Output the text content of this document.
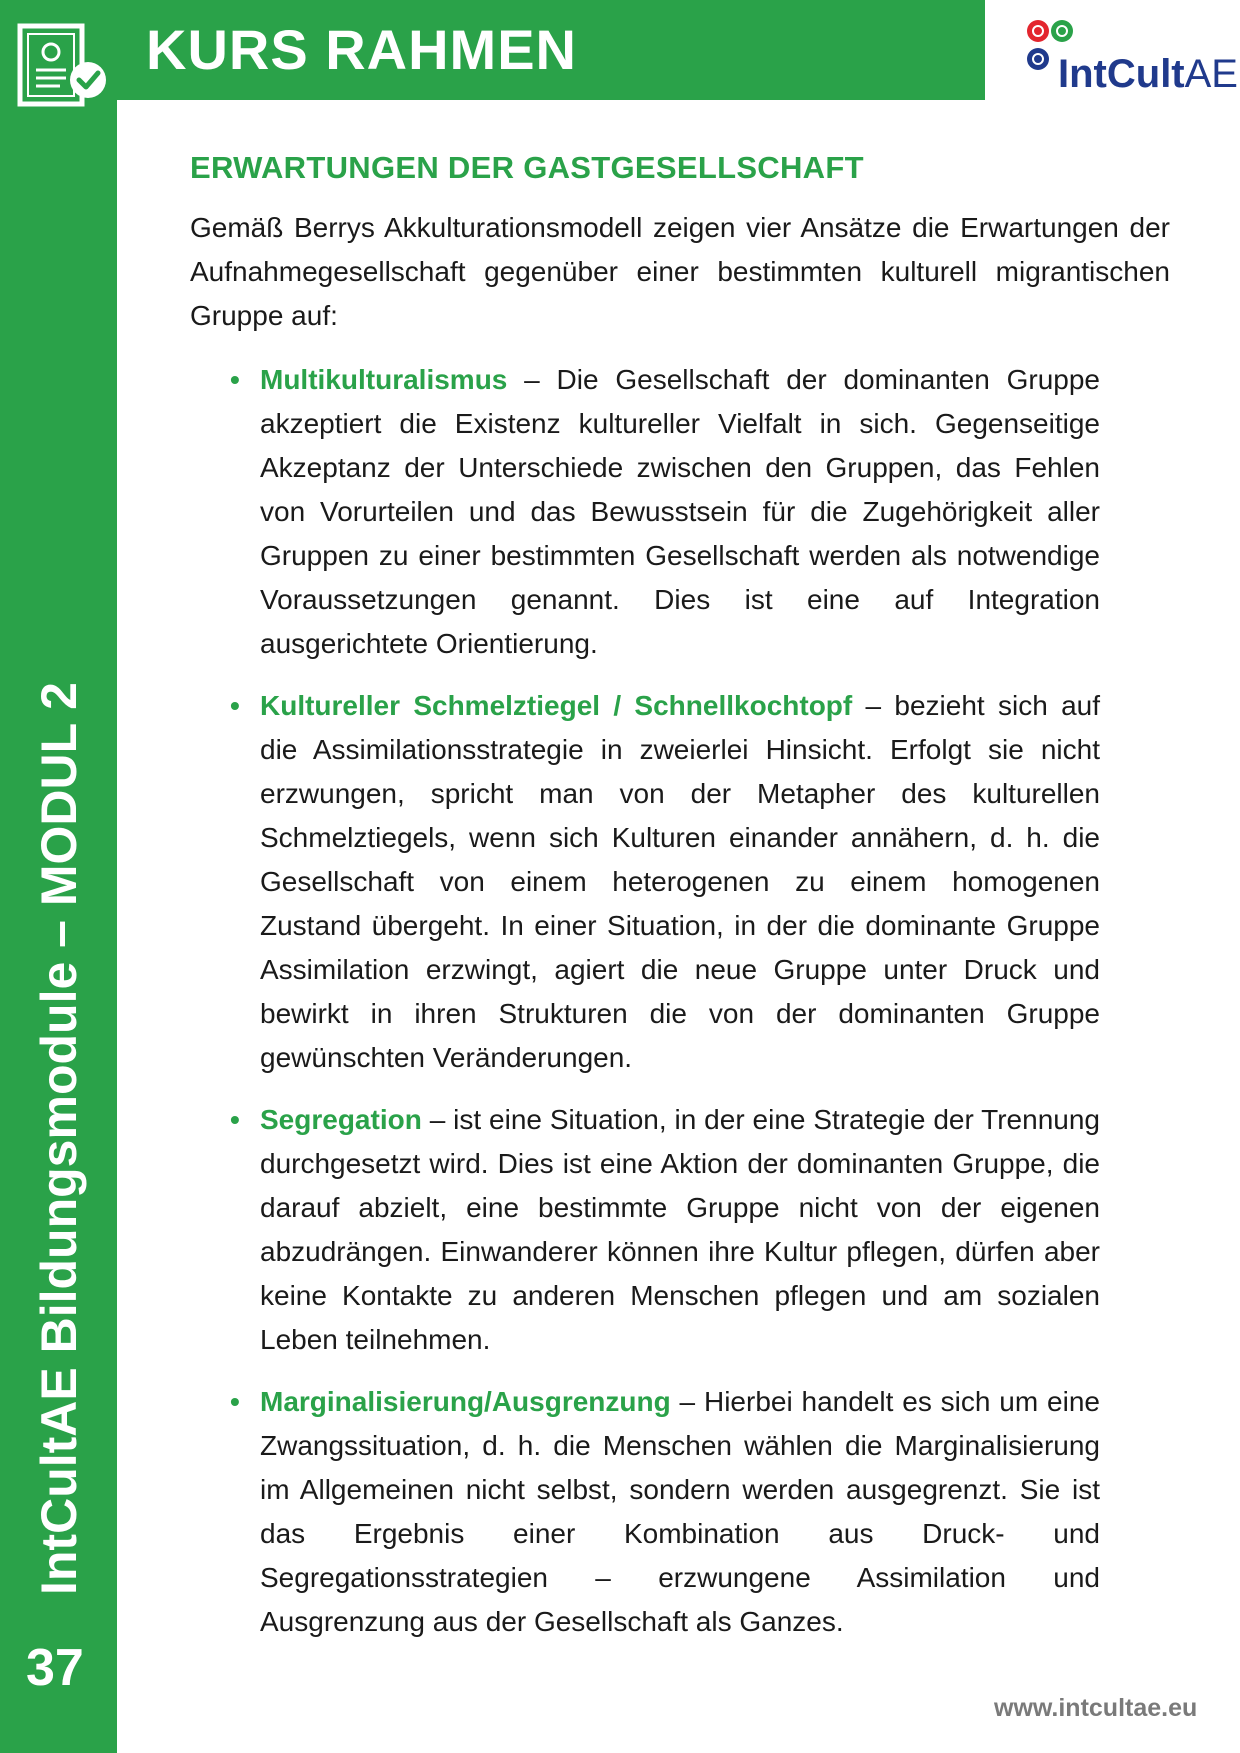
KURS RAHMEN	IntCultAE
IntCultAE Bildungsmodule – MODUL 2
37
ERWARTUNGEN DER GASTGESELLSCHAFT

Gemäß Berrys Akkulturationsmodell zeigen vier Ansätze die Erwartungen der Aufnahmegesellschaft gegenüber einer bestimmten kulturell migrantischen Gruppe auf:

• Multikulturalismus – Die Gesellschaft der dominanten Gruppe akzeptiert die Existenz kultureller Vielfalt in sich. Gegenseitige Akzeptanz der Unterschiede zwischen den Gruppen, das Fehlen von Vorurteilen und das Bewusstsein für die Zugehörigkeit aller Gruppen zu einer bestimmten Gesellschaft werden als notwendige Voraussetzungen genannt. Dies ist eine auf Integration ausgerichtete Orientierung.
• Kultureller Schmelztiegel / Schnellkochtopf – bezieht sich auf die Assimilationsstrategie in zweierlei Hinsicht. Erfolgt sie nicht erzwungen, spricht man von der Metapher des kulturellen Schmelztiegels, wenn sich Kulturen einander annähern, d. h. die Gesellschaft von einem heterogenen zu einem homogenen Zustand übergeht. In einer Situation, in der die dominante Gruppe Assimilation erzwingt, agiert die neue Gruppe unter Druck und bewirkt in ihren Strukturen die von der dominanten Gruppe gewünschten Veränderungen.
• Segregation – ist eine Situation, in der eine Strategie der Trennung durchgesetzt wird. Dies ist eine Aktion der dominanten Gruppe, die darauf abzielt, eine bestimmte Gruppe nicht von der eigenen abzudrängen. Einwanderer können ihre Kultur pflegen, dürfen aber keine Kontakte zu anderen Menschen pflegen und am sozialen Leben teilnehmen.
• Marginalisierung/Ausgrenzung – Hierbei handelt es sich um eine Zwangssituation, d. h. die Menschen wählen die Marginalisierung im Allgemeinen nicht selbst, sondern werden ausgegrenzt. Sie ist das Ergebnis einer Kombination aus Druck- und Segregationsstrategien – erzwungene Assimilation und Ausgrenzung aus der Gesellschaft als Ganzes.
www.intcultae.eu
